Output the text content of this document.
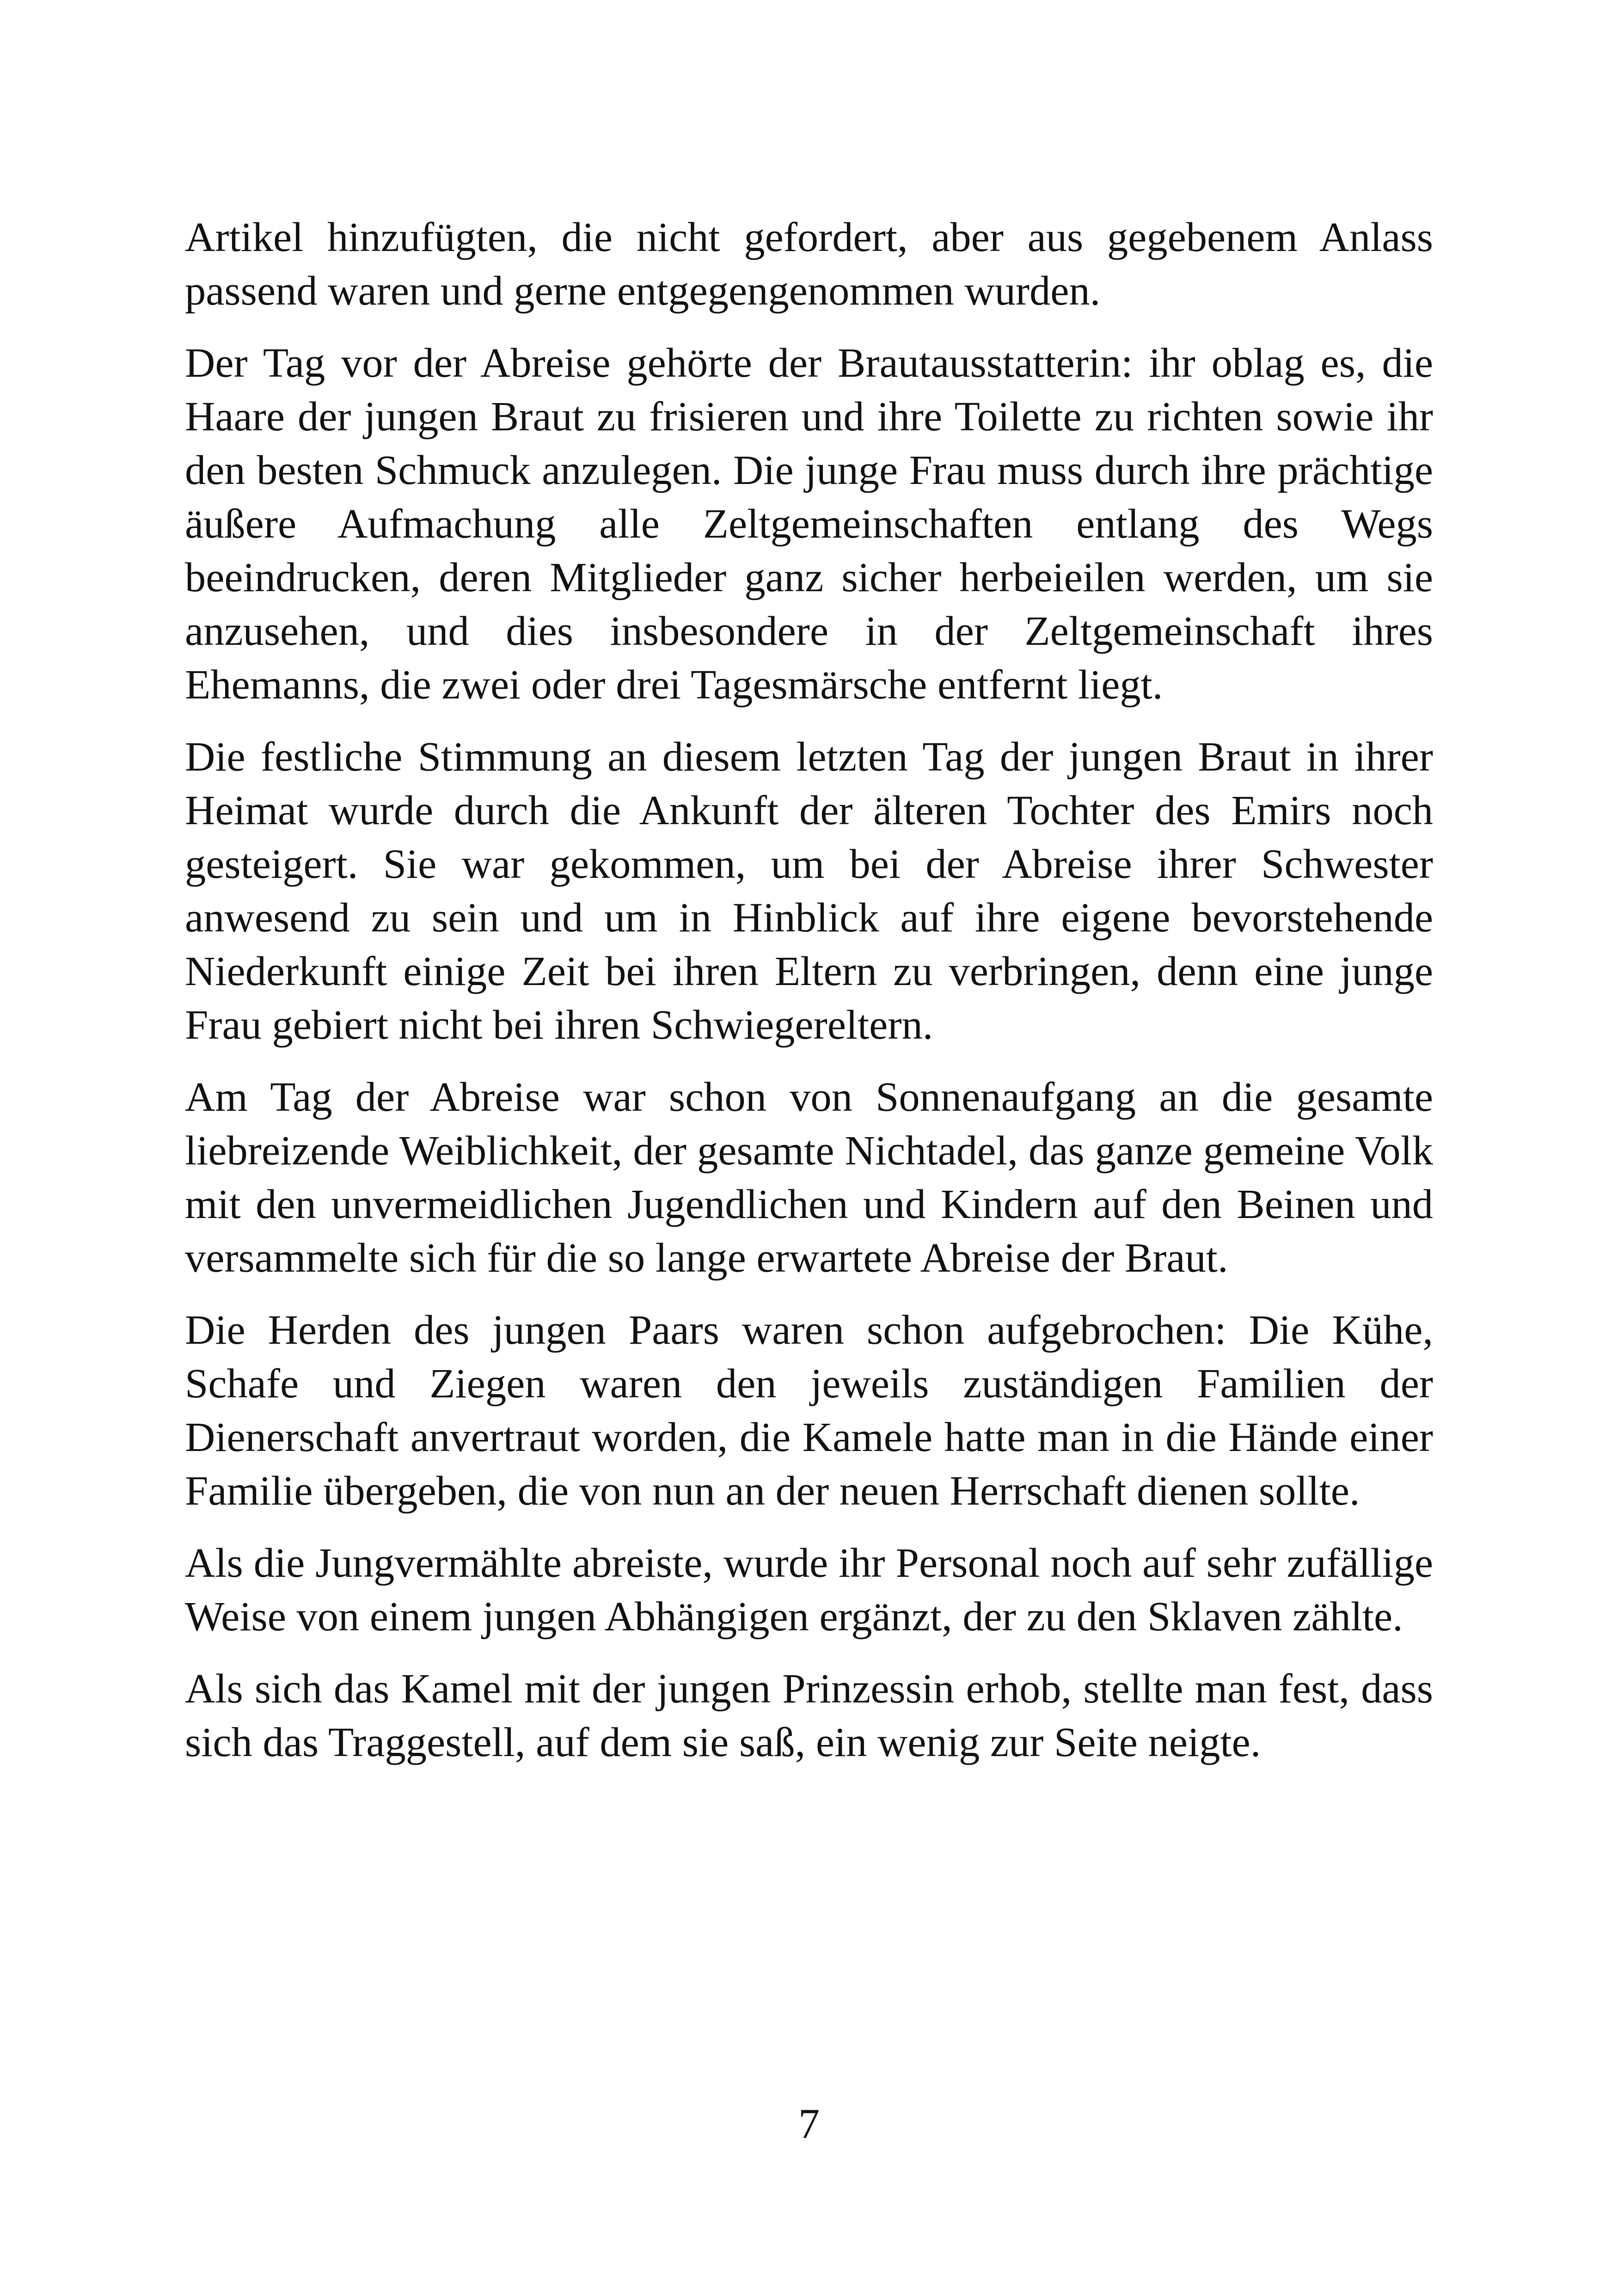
Artikel hinzufügten, die nicht gefordert, aber aus gegebenem Anlass passend waren und gerne entgegengenommen wurden.

Der Tag vor der Abreise gehörte der Brautausstatterin: ihr oblag es, die Haare der jungen Braut zu frisieren und ihre Toilette zu richten sowie ihr den besten Schmuck anzulegen. Die junge Frau muss durch ihre prächtige äußere Aufmachung alle Zeltgemeinschaften entlang des Wegs beeindrucken, deren Mitglieder ganz sicher herbeieilen werden, um sie anzusehen, und dies insbesondere in der Zeltgemeinschaft ihres Ehemanns, die zwei oder drei Tagesmärsche entfernt liegt.

Die festliche Stimmung an diesem letzten Tag der jungen Braut in ihrer Heimat wurde durch die Ankunft der älteren Tochter des Emirs noch gesteigert. Sie war gekommen, um bei der Abreise ihrer Schwester anwesend zu sein und um in Hinblick auf ihre eigene bevorstehende Niederkunft einige Zeit bei ihren Eltern zu verbringen, denn eine junge Frau gebiert nicht bei ihren Schwiegereltern.

Am Tag der Abreise war schon von Sonnenaufgang an die gesamte liebreizende Weiblichkeit, der gesamte Nichtadel, das ganze gemeine Volk mit den unvermeidlichen Jugendlichen und Kindern auf den Beinen und versammelte sich für die so lange erwartete Abreise der Braut.

Die Herden des jungen Paars waren schon aufgebrochen: Die Kühe, Schafe und Ziegen waren den jeweils zuständigen Familien der Dienerschaft anvertraut worden, die Kamele hatte man in die Hände einer Familie übergeben, die von nun an der neuen Herrschaft dienen sollte.

Als die Jungvermählte abreiste, wurde ihr Personal noch auf sehr zufällige Weise von einem jungen Abhängigen ergänzt, der zu den Sklaven zählte.

Als sich das Kamel mit der jungen Prinzessin erhob, stellte man fest, dass sich das Traggestell, auf dem sie saß, ein wenig zur Seite neigte.

7
